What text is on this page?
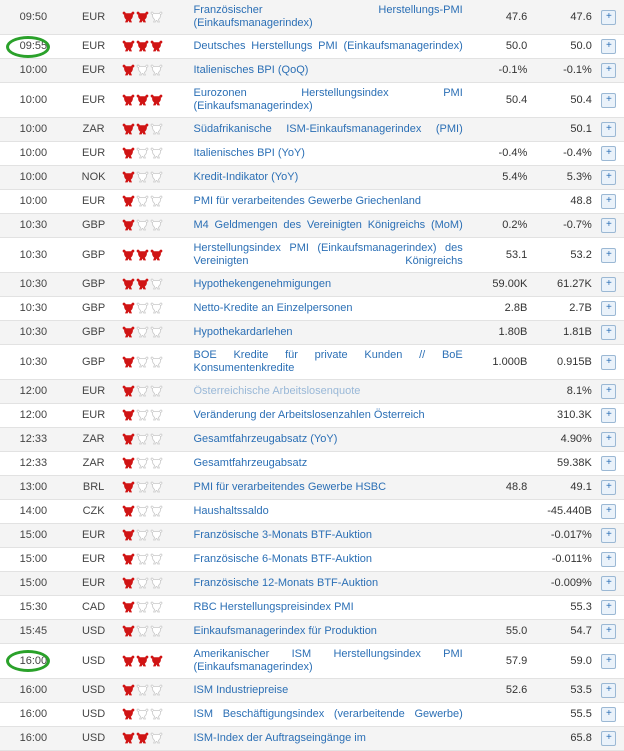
09:50	EUR		Französischer Herstellungs-PMI (Einkaufsmanagerindex)	47.6	47.6	+
09:55	EUR		Deutsches Herstellungs PMI (Einkaufsmanagerindex)	50.0	50.0	+
10:00	EUR		Italienisches BPI (QoQ)	-0.1%	-0.1%	+
10:00	EUR		Eurozonen Herstellungsindex PMI (Einkaufsmanagerindex)	50.4	50.4	+
10:00	ZAR		Südafrikanische ISM-Einkaufsmanagerindex (PMI)		50.1	+
10:00	EUR		Italienisches BPI (YoY)	-0.4%	-0.4%	+
10:00	NOK		Kredit-Indikator (YoY)	5.4%	5.3%	+
10:00	EUR		PMI für verarbeitendes Gewerbe Griechenland		48.8	+
10:30	GBP		M4 Geldmengen des Vereinigten Königreichs (MoM)	0.2%	-0.7%	+
10:30	GBP		Herstellungsindex PMI (Einkaufsmanagerindex) des Vereinigten Königreichs	53.1	53.2	+
10:30	GBP		Hypothekengenehmigungen	59.00K	61.27K	+
10:30	GBP		Netto-Kredite an Einzelpersonen	2.8B	2.7B	+
10:30	GBP		Hypothekardarlehen	1.80B	1.81B	+
10:30	GBP		BOE Kredite für private Kunden // BoE Konsumentenkredite	1.000B	0.915B	+
12:00	EUR		Österreichische Arbeitslosenquote		8.1%	+
12:00	EUR		Veränderung der Arbeitslosenzahlen Österreich		310.3K	+
12:33	ZAR		Gesamtfahrzeugabsatz (YoY)		4.90%	+
12:33	ZAR		Gesamtfahrzeugabsatz		59.38K	+
13:00	BRL		PMI für verarbeitendes Gewerbe HSBC	48.8	49.1	+
14:00	CZK		Haushaltssaldo		-45.440B	+
15:00	EUR		Französische 3-Monats BTF-Auktion		-0.017%	+
15:00	EUR		Französische 6-Monats BTF-Auktion		-0.011%	+
15:00	EUR		Französische 12-Monats BTF-Auktion		-0.009%	+
15:30	CAD		RBC Herstellungspreisindex PMI		55.3	+
15:45	USD		Einkaufsmanagerindex für Produktion	55.0	54.7	+
16:00	USD		Amerikanischer ISM Herstellungsindex PMI (Einkaufsmanagerindex)	57.9	59.0	+
16:00	USD		ISM Industriepreise	52.6	53.5	+
16:00	USD		ISM Beschäftigungsindex (verarbeitende Gewerbe)		55.5	+
16:00	USD		ISM-Index der Auftragseingänge im		65.8	+
